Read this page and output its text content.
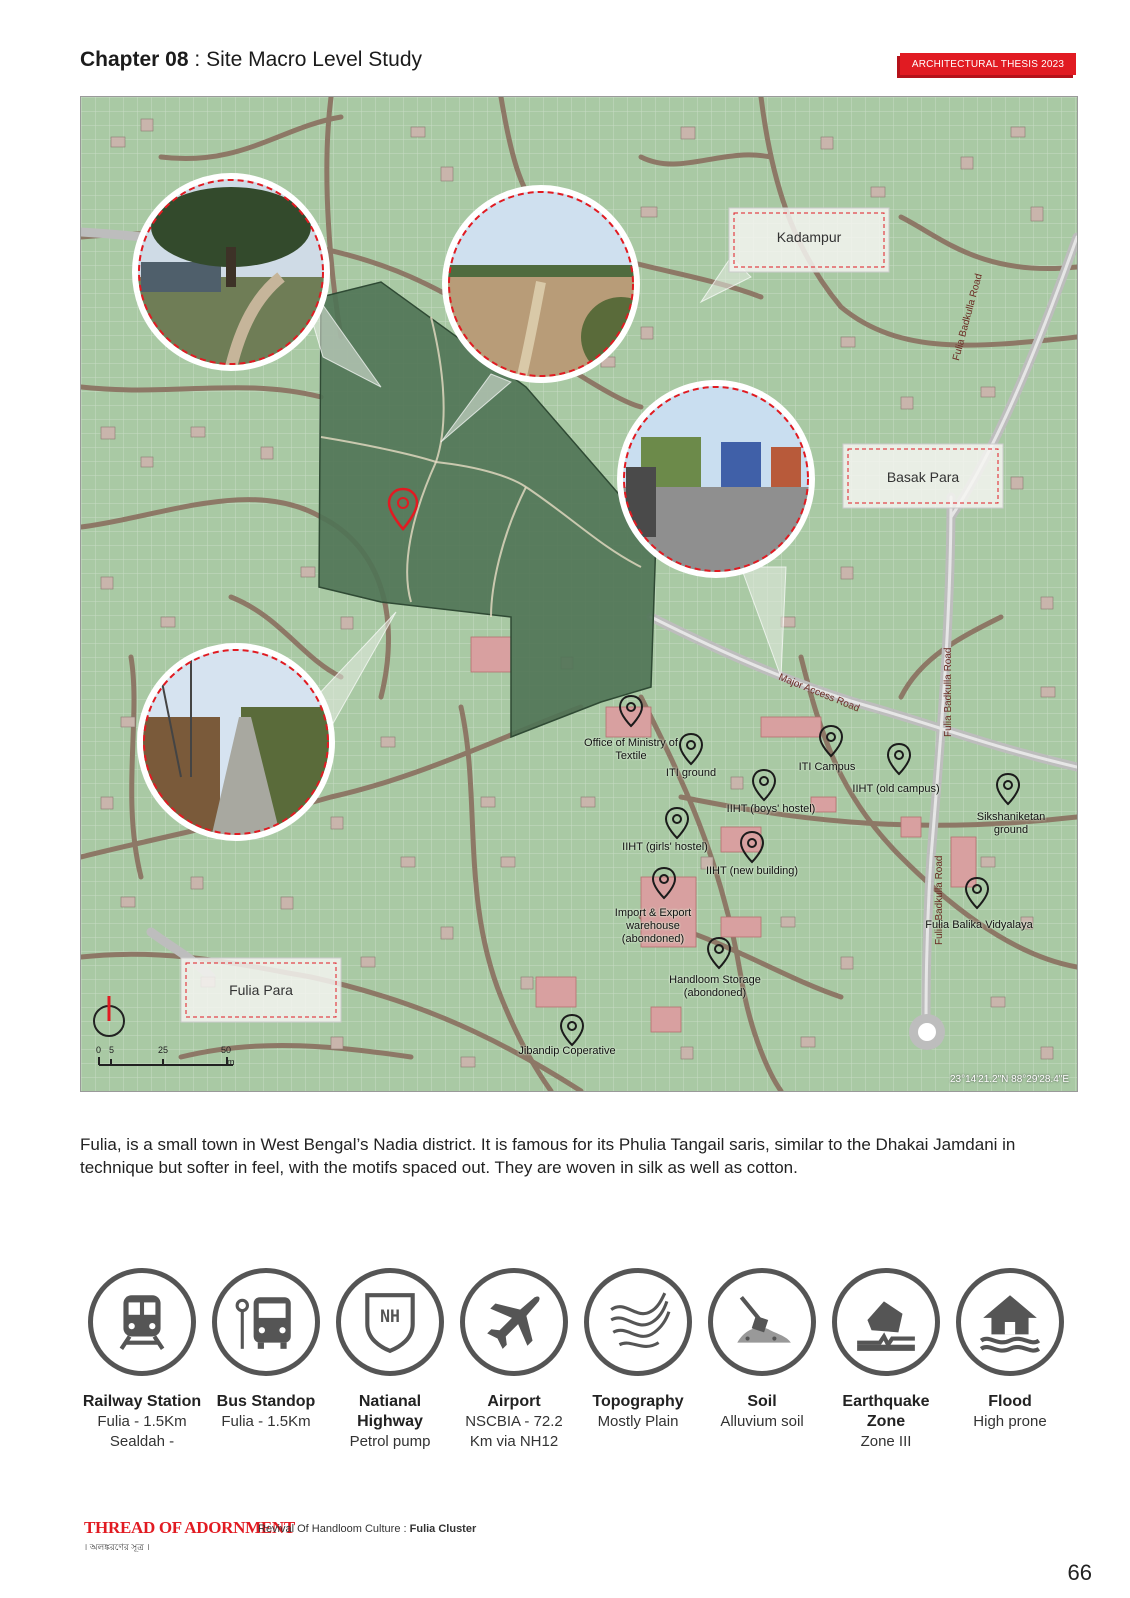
Chapter 08 : Site Macro Level Study	ARCHITECTURAL THESIS 2023
Kadampur
Basak Para
Fulia Para
Fulia Badkulla Road
Major Access Road	Fulia Badkulla Road
Fulia Badkulla Road
Office of Ministry of Textile
ITI ground	ITI Campus
IIHT (old campus)
IIHT (boys' hostel)
Sikshaniketan ground
IIHT (girls' hostel)
IIHT (new building)
Import & Export warehouse (abondoned)
Fulia Balika Vidyalaya
Handloom Storage (abondoned)
Jibandip Coperative
0 5	25	50
m
23°14'21.2"N 88°29'28.4"E
Fulia, is a small town in West Bengal’s Nadia district. It is famous for its Phulia Tangail saris, similar to the Dhakai Jamdani in technique but softer in feel, with the motifs spaced out. They are woven in silk as well as cotton.
Railway Station
Fulia - 1.5Km
Sealdah -
Bus Standop
Fulia - 1.5Km
NH
Natianal Highway
Petrol pump
Airport
NSCBIA - 72.2 Km via NH12
Topography
Mostly Plain
Soil
Alluvium soil
Earthquake Zone
Zone III
Flood
High prone
THREAD OF ADORNMENT
। অলঙ্করণের সূত্র ।
Revival Of Handloom Culture : Fulia Cluster
66
